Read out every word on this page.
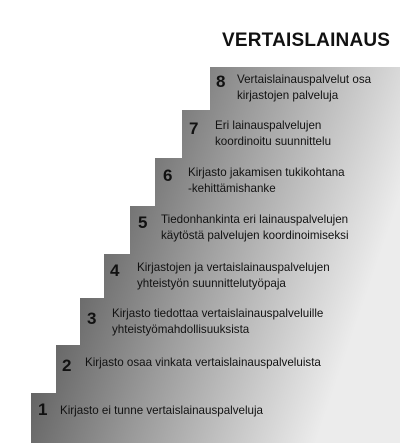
VERTAISLAINAUS
1 Kirjasto ei tunne vertaislainauspalveluja
2 Kirjasto osaa vinkata vertaislainauspalveluista
3 Kirjasto tiedottaa vertaislainauspalveluille
yhteistyömahdollisuuksista
4 Kirjastojen ja vertaislainauspalvelujen
yhteistyön suunnittelutyöpaja
5 Tiedonhankinta eri lainauspalvelujen
käytöstä palvelujen koordinoimiseksi
6 Kirjasto jakamisen tukikohtana
-kehittämishanke
7 Eri lainauspalvelujen
koordinoitu suunnittelu
8 Vertaislainauspalvelut osa
kirjastojen palveluja
